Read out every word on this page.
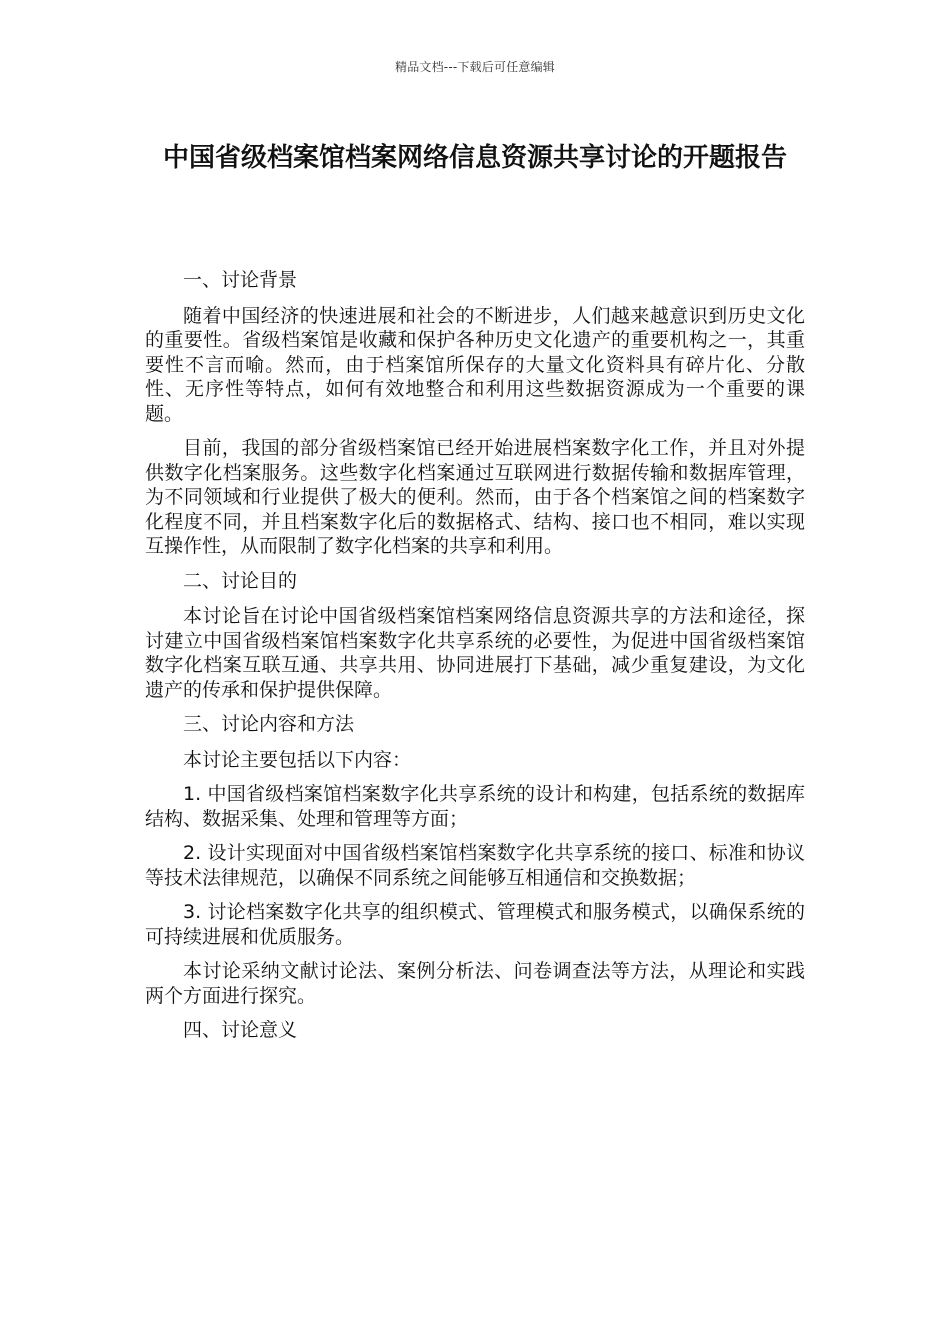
精品文档---下载后可任意编辑
中国省级档案馆档案网络信息资源共享讨论的开题报告

一、讨论背景

随着中国经济的快速进展和社会的不断进步，人们越来越意识到历史文化的重要性。省级档案馆是收藏和保护各种历史文化遗产的重要机构之一，其重要性不言而喻。然而，由于档案馆所保存的大量文化资料具有碎片化、分散性、无序性等特点，如何有效地整合和利用这些数据资源成为一个重要的课题。

目前，我国的部分省级档案馆已经开始进展档案数字化工作，并且对外提供数字化档案服务。这些数字化档案通过互联网进行数据传输和数据库管理，为不同领域和行业提供了极大的便利。然而，由于各个档案馆之间的档案数字化程度不同，并且档案数字化后的数据格式、结构、接口也不相同，难以实现互操作性，从而限制了数字化档案的共享和利用。

二、讨论目的

本讨论旨在讨论中国省级档案馆档案网络信息资源共享的方法和途径，探讨建立中国省级档案馆档案数字化共享系统的必要性，为促进中国省级档案馆数字化档案互联互通、共享共用、协同进展打下基础，减少重复建设，为文化遗产的传承和保护提供保障。

三、讨论内容和方法

本讨论主要包括以下内容：

1. 中国省级档案馆档案数字化共享系统的设计和构建，包括系统的数据库结构、数据采集、处理和管理等方面；

2. 设计实现面对中国省级档案馆档案数字化共享系统的接口、标准和协议等技术法律规范，以确保不同系统之间能够互相通信和交换数据；

3. 讨论档案数字化共享的组织模式、管理模式和服务模式，以确保系统的可持续进展和优质服务。

本讨论采纳文献讨论法、案例分析法、问卷调查法等方法，从理论和实践两个方面进行探究。

四、讨论意义
